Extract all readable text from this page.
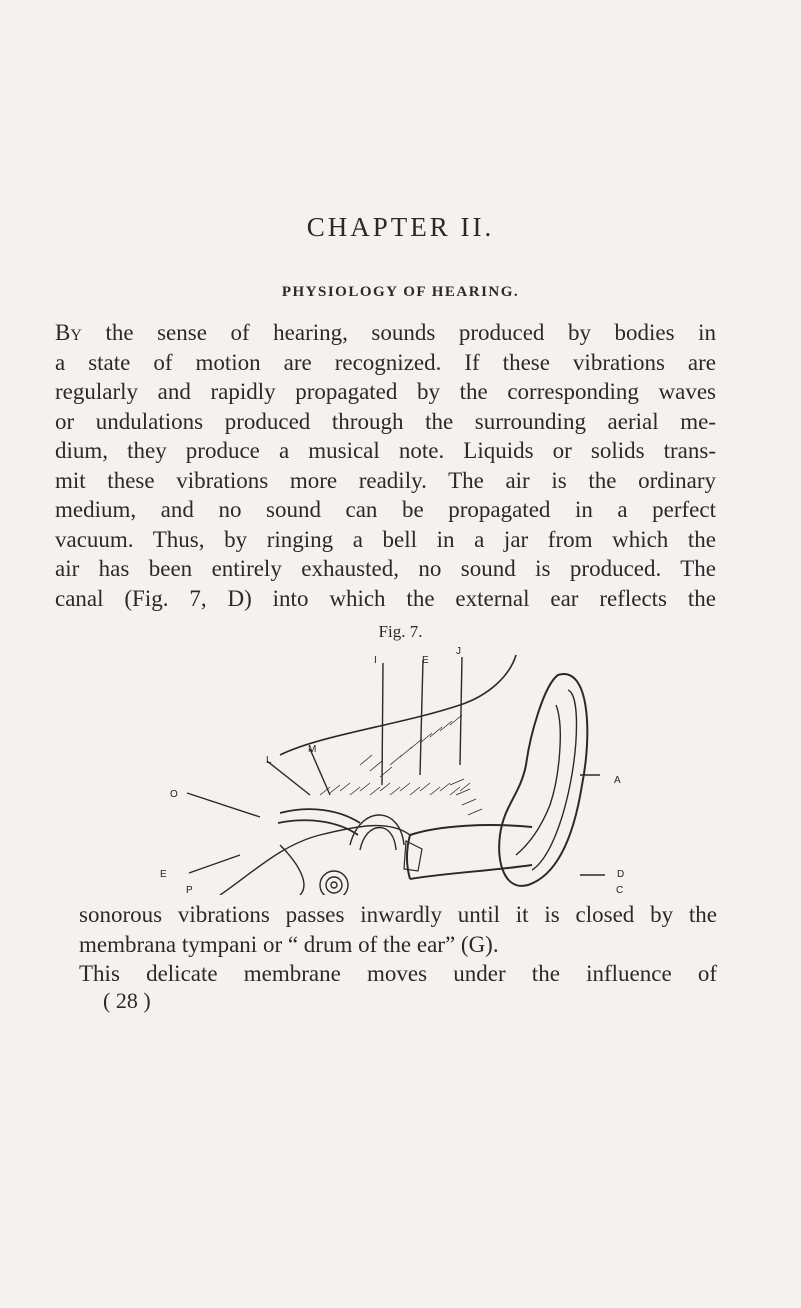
CHAPTER II.
PHYSIOLOGY OF HEARING.
By the sense of hearing, sounds produced by bodies in
a state of motion are recognized. If these vibrations are
regularly and rapidly propagated by the corresponding waves
or undulations produced through the surrounding aerial me-
dium, they produce a musical note. Liquids or solids trans-
mit these vibrations more readily. The air is the ordinary
medium, and no sound can be propagated in a perfect
vacuum. Thus, by ringing a bell in a jar from which the
air has been entirely exhausted, no sound is produced. The
canal (Fig. 7, D) into which the external ear reflects the
Fig. 7.
J
I	E
M
L
O
A
E	D
P	C
sonorous vibrations passes inwardly until it is closed by the
membrana tympani or “ drum of the ear” (G).
This delicate membrane moves under the influence of
( 28 )
